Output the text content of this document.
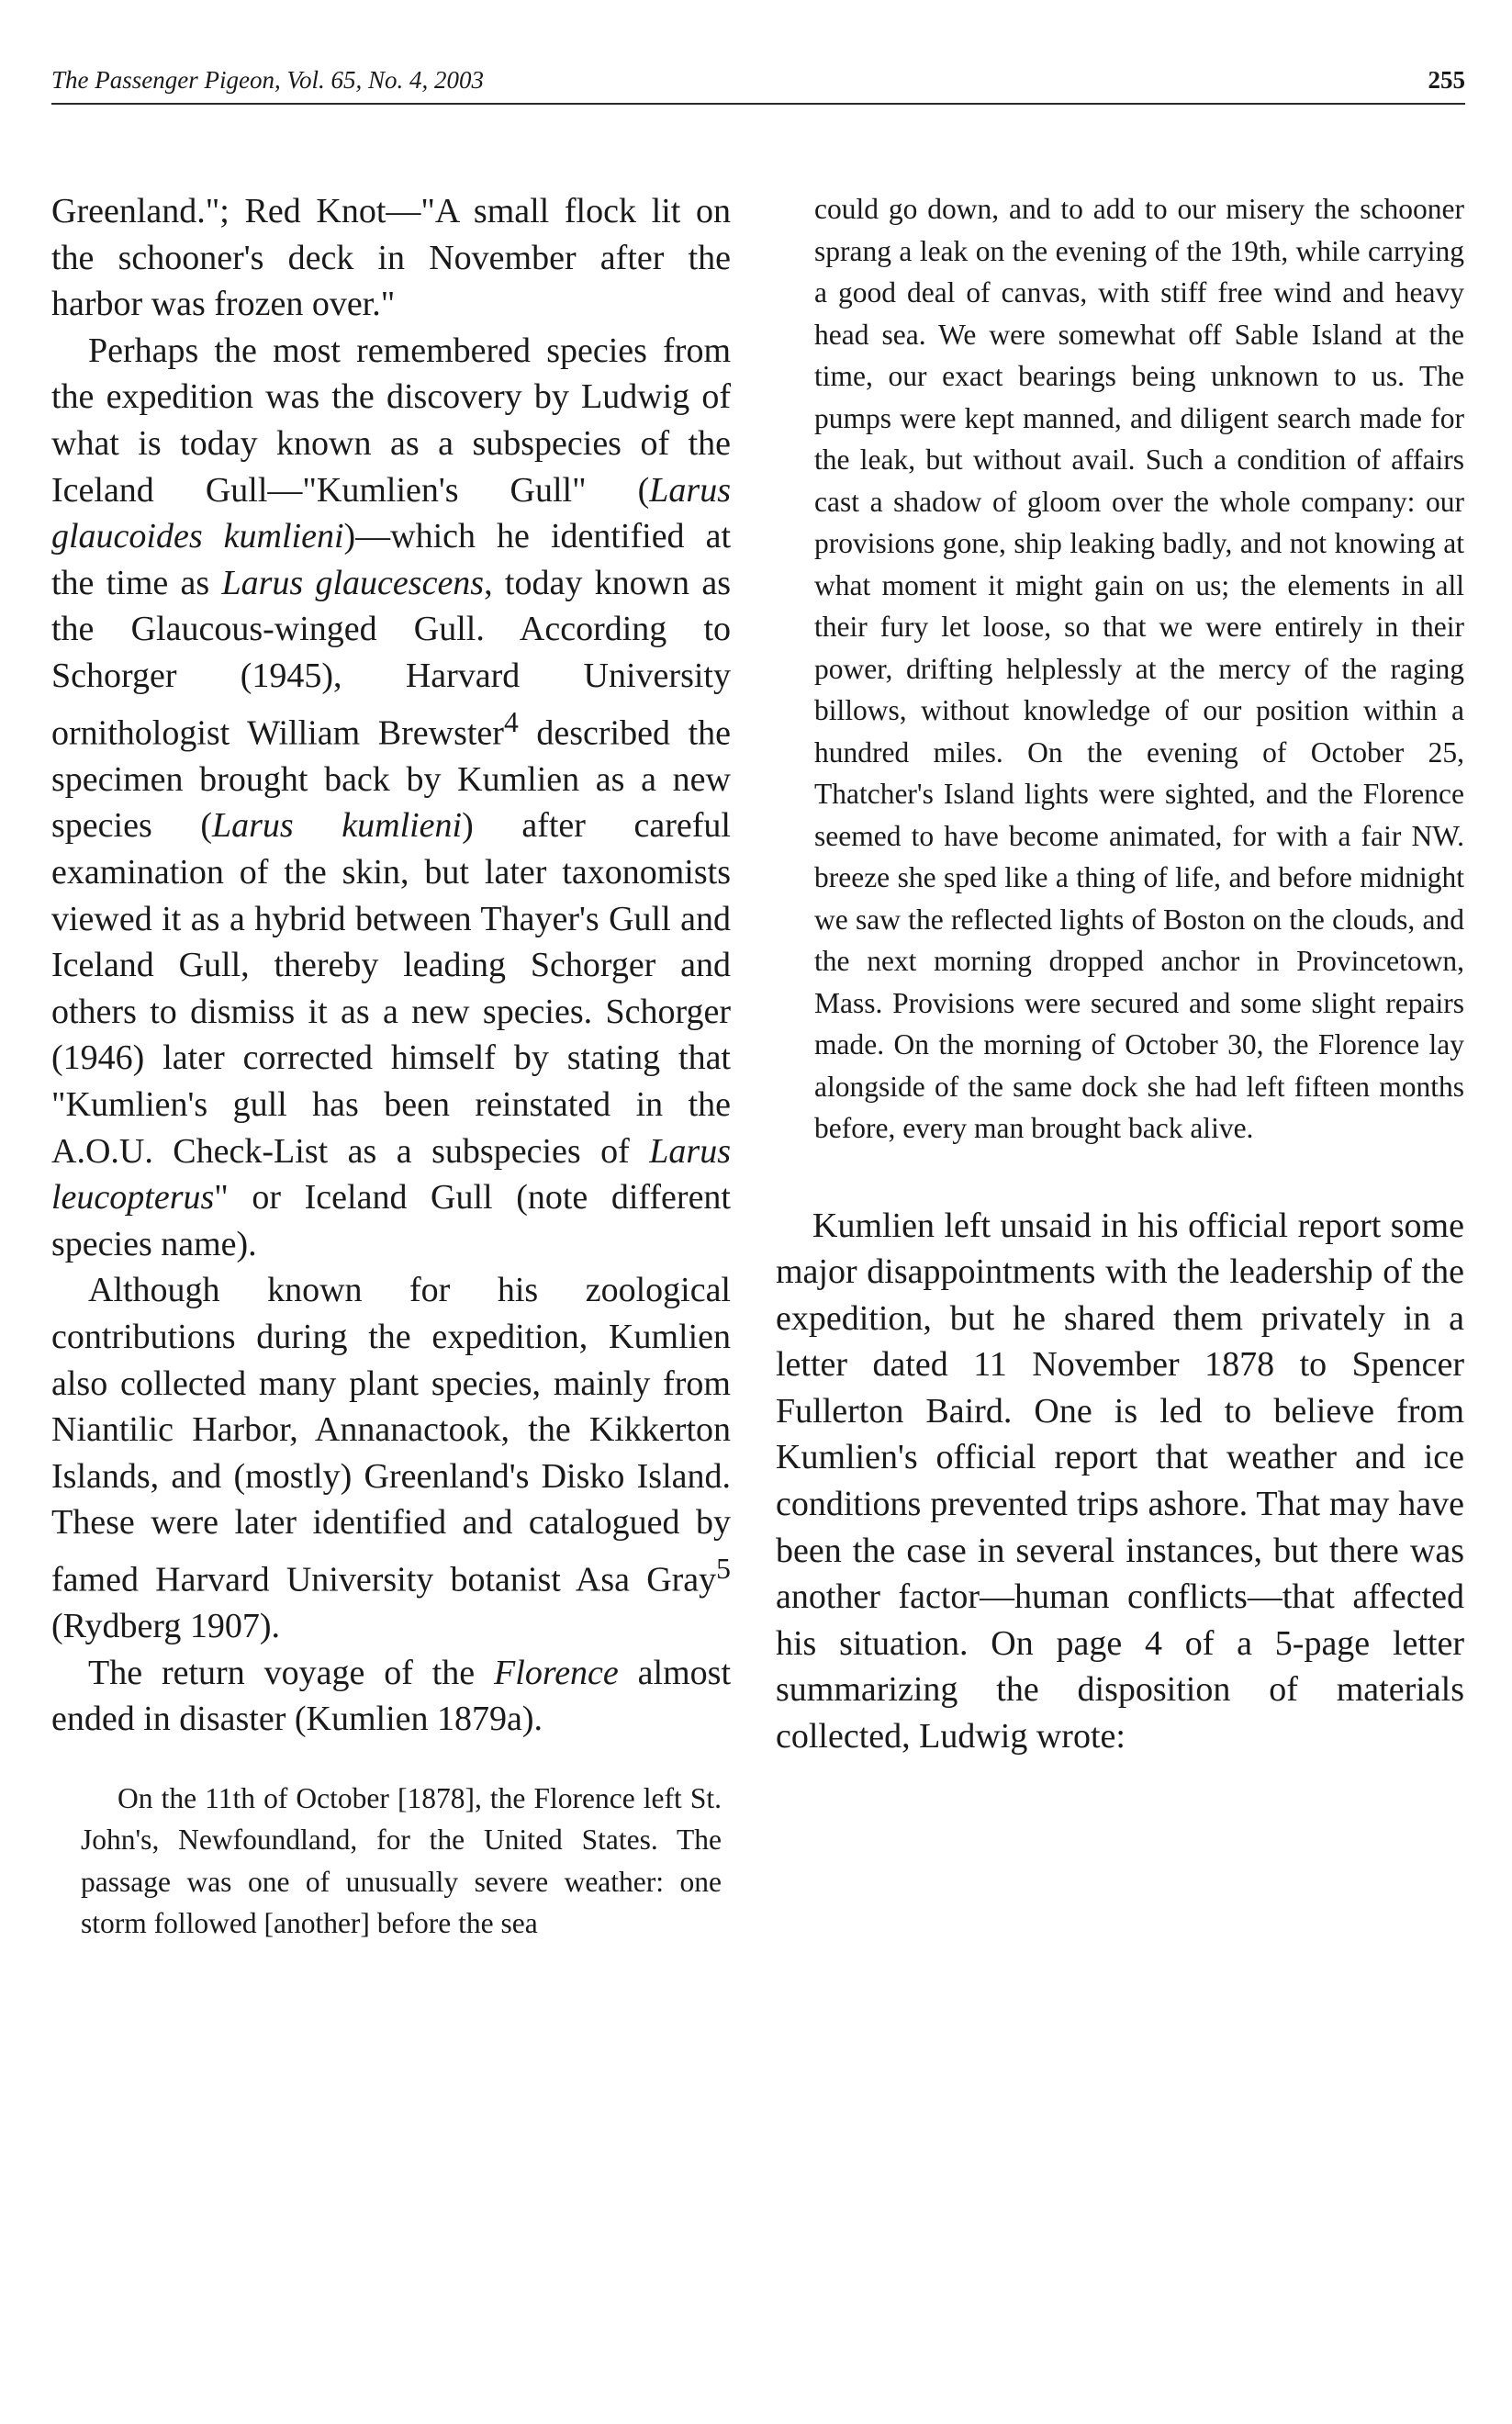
The Passenger Pigeon, Vol. 65, No. 4, 2003	255

Greenland."; Red Knot—"A small flock lit on the schooner's deck in November after the harbor was frozen over."

Perhaps the most remembered species from the expedition was the discovery by Ludwig of what is today known as a subspecies of the Iceland Gull—"Kumlien's Gull" (Larus glaucoides kumlieni)—which he identified at the time as Larus glaucescens, today known as the Glaucous-winged Gull. According to Schorger (1945), Harvard University ornithologist William Brewster$^4$ described the specimen brought back by Kumlien as a new species (Larus kumlieni) after careful examination of the skin, but later taxonomists viewed it as a hybrid between Thayer's Gull and Iceland Gull, thereby leading Schorger and others to dismiss it as a new species. Schorger (1946) later corrected himself by stating that "Kumlien's gull has been reinstated in the A.O.U. Check-List as a subspecies of Larus leucopterus" or Iceland Gull (note different species name).

Although known for his zoological contributions during the expedition, Kumlien also collected many plant species, mainly from Niantilic Harbor, Annanactook, the Kikkerton Islands, and (mostly) Greenland's Disko Island. These were later identified and catalogued by famed Harvard University botanist Asa Gray$^5$ (Rydberg 1907).

The return voyage of the Florence almost ended in disaster (Kumlien 1879a).

On the 11th of October [1878], the Florence left St. John's, Newfoundland, for the United States. The passage was one of unusually severe weather: one storm followed [another] before the sea

could go down, and to add to our misery the schooner sprang a leak on the evening of the 19th, while carrying a good deal of canvas, with stiff free wind and heavy head sea. We were somewhat off Sable Island at the time, our exact bearings being unknown to us. The pumps were kept manned, and diligent search made for the leak, but without avail. Such a condition of affairs cast a shadow of gloom over the whole company: our provisions gone, ship leaking badly, and not knowing at what moment it might gain on us; the elements in all their fury let loose, so that we were entirely in their power, drifting helplessly at the mercy of the raging billows, without knowledge of our position within a hundred miles. On the evening of October 25, Thatcher's Island lights were sighted, and the Florence seemed to have become animated, for with a fair NW. breeze she sped like a thing of life, and before midnight we saw the reflected lights of Boston on the clouds, and the next morning dropped anchor in Provincetown, Mass. Provisions were secured and some slight repairs made. On the morning of October 30, the Florence lay alongside of the same dock she had left fifteen months before, every man brought back alive.

Kumlien left unsaid in his official report some major disappointments with the leadership of the expedition, but he shared them privately in a letter dated 11 November 1878 to Spencer Fullerton Baird. One is led to believe from Kumlien's official report that weather and ice conditions prevented trips ashore. That may have been the case in several instances, but there was another factor—human conflicts—that affected his situation. On page 4 of a 5-page letter summarizing the disposition of materials collected, Ludwig wrote:
